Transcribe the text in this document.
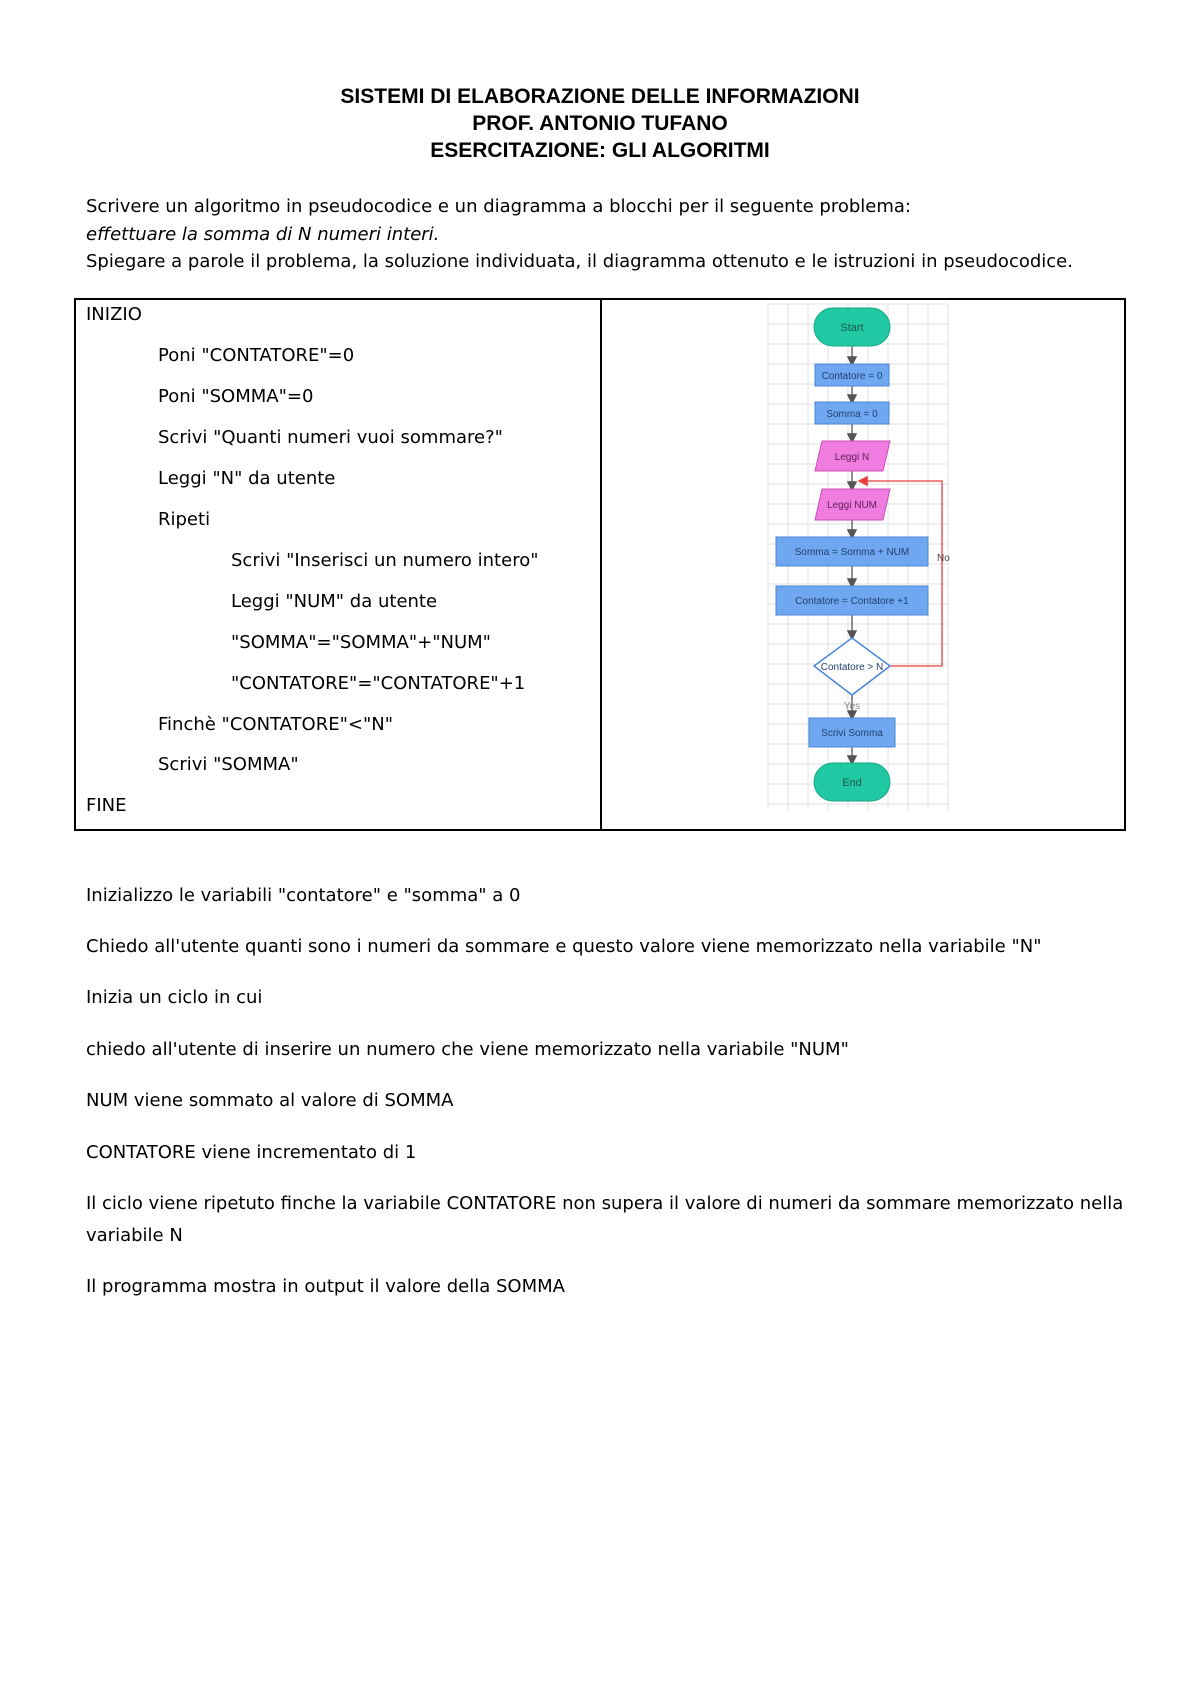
SISTEMI DI ELABORAZIONE DELLE INFORMAZIONI
PROF. ANTONIO TUFANO
ESERCITAZIONE: GLI ALGORITMI
Scrivere un algoritmo in pseudocodice e un diagramma a blocchi per il seguente problema:
effettuare la somma di N numeri interi.
Spiegare a parole il problema, la soluzione individuata, il diagramma ottenuto e le istruzioni in pseudocodice.
INIZIO
Poni "CONTATORE"=0
Poni "SOMMA"=0
Scrivi "Quanti numeri vuoi sommare?"
Leggi "N" da utente
Ripeti
Scrivi "Inserisci un numero intero"
Leggi "NUM" da utente
"SOMMA"="SOMMA"+"NUM"
"CONTATORE"="CONTATORE"+1
Finchè "CONTATORE"<"N"
Scrivi "SOMMA"
FINE
Start
Contatore = 0
Somma = 0
Leggi N
Leggi NUM
Somma = Somma + NUM
Contatore = Contatore +1
Contatore > N
No
Yes
Scrivi Somma
End
Inizializzo le variabili "contatore" e "somma" a 0
Chiedo all'utente quanti sono i numeri da sommare e questo valore viene memorizzato nella variabile "N"
Inizia un ciclo in cui
chiedo all'utente di inserire un numero che viene memorizzato nella variabile "NUM"
NUM viene sommato al valore di SOMMA
CONTATORE viene incrementato di 1
Il ciclo viene ripetuto finche la variabile CONTATORE non supera il valore di numeri da sommare memorizzato nella variabile N
Il programma mostra in output il valore della SOMMA
